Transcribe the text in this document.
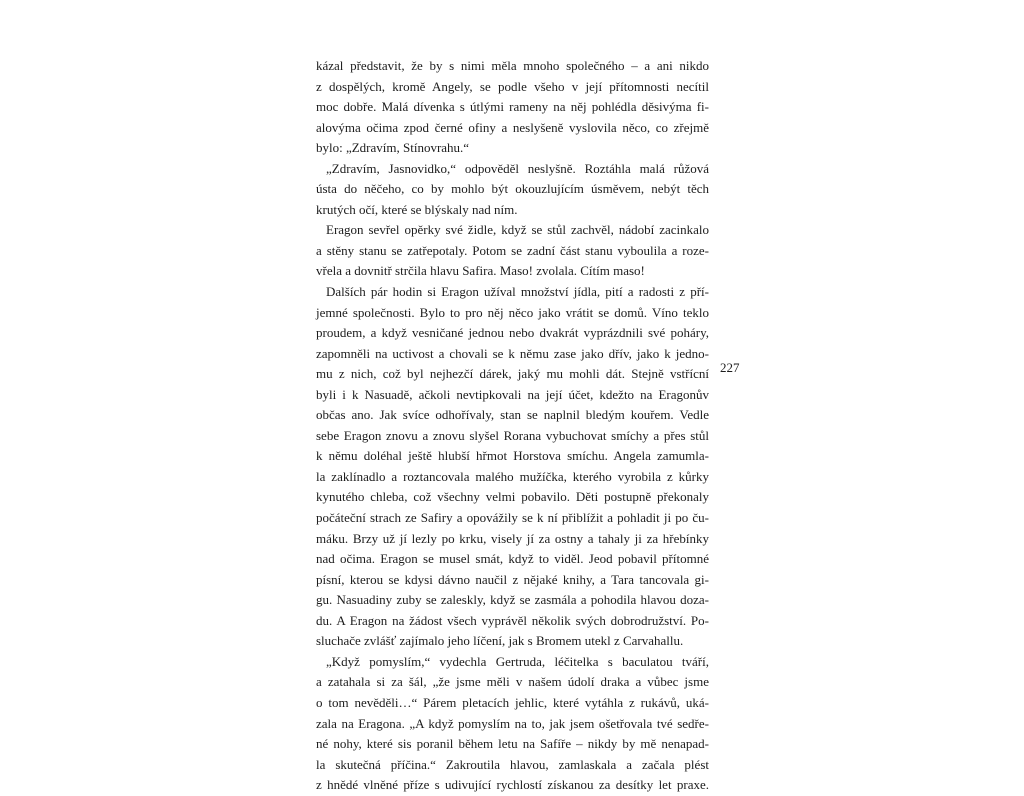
kázal představit, že by s nimi měla mnoho společného – a ani nikdo
z dospělých, kromě Angely, se podle všeho v její přítomnosti necítil
moc dobře. Malá dívenka s útlými rameny na něj pohlédla děsivýma fi-
alovýma očima zpod černé ofiny a neslyšeně vyslovila něco, co zřejmě
bylo: „Zdravím, Stínovrahu.“
„Zdravím, Jasnovidko,“ odpověděl neslyšně. Roztáhla malá růžová
ústa do něčeho, co by mohlo být okouzlujícím úsměvem, nebýt těch
krutých očí, které se blýskaly nad ním.
Eragon sevřel opěrky své židle, když se stůl zachvěl, nádobí zacinkalo
a stěny stanu se zatřepotaly. Potom se zadní část stanu vyboulila a roze-
vřela a dovnitř strčila hlavu Safira. Maso! zvolala. Cítím maso!
Dalších pár hodin si Eragon užíval množství jídla, pití a radosti z pří-
jemné společnosti. Bylo to pro něj něco jako vrátit se domů. Víno teklo
proudem, a když vesničané jednou nebo dvakrát vyprázdnili své poháry,
zapomněli na uctivost a chovali se k němu zase jako dřív, jako k jedno-
mu z nich, což byl nejhezčí dárek, jaký mu mohli dát. Stejně vstřícní
byli i k Nasuadě, ačkoli nevtipkovali na její účet, kdežto na Eragonův
občas ano. Jak svíce odhořívaly, stan se naplnil bledým kouřem. Vedle
sebe Eragon znovu a znovu slyšel Rorana vybuchovat smíchy a přes stůl
k němu doléhal ještě hlubší hřmot Horstova smíchu. Angela zamumla-
la zaklínadlo a roztancovala malého mužíčka, kterého vyrobila z kůrky
kynutého chleba, což všechny velmi pobavilo. Děti postupně překonaly
počáteční strach ze Safiry a opovážily se k ní přiblížit a pohladit ji po ču-
máku. Brzy už jí lezly po krku, visely jí za ostny a tahaly ji za hřebínky
nad očima. Eragon se musel smát, když to viděl. Jeod pobavil přítomné
písní, kterou se kdysi dávno naučil z nějaké knihy, a Tara tancovala gi-
gu. Nasuadiny zuby se zaleskly, když se zasmála a pohodila hlavou doza-
du. A Eragon na žádost všech vyprávěl několik svých dobrodružství. Po-
sluchače zvlášť zajímalo jeho líčení, jak s Bromem utekl z Carvahallu.
„Když pomyslím,“ vydechla Gertruda, léčitelka s baculatou tváří,
a zatahala si za šál, „že jsme měli v našem údolí draka a vůbec jsme
o tom nevěděli…“ Párem pletacích jehlic, které vytáhla z rukávů, uká-
zala na Eragona. „A když pomyslím na to, jak jsem ošetřovala tvé sedře-
né nohy, které sis poranil během letu na Safíře – nikdy by mě nenapad-
la skutečná příčina.“ Zakroutila hlavou, zamlaskala a začala plést
z hnědé vlněné příze s udivující rychlostí získanou za desítky let praxe.
227
